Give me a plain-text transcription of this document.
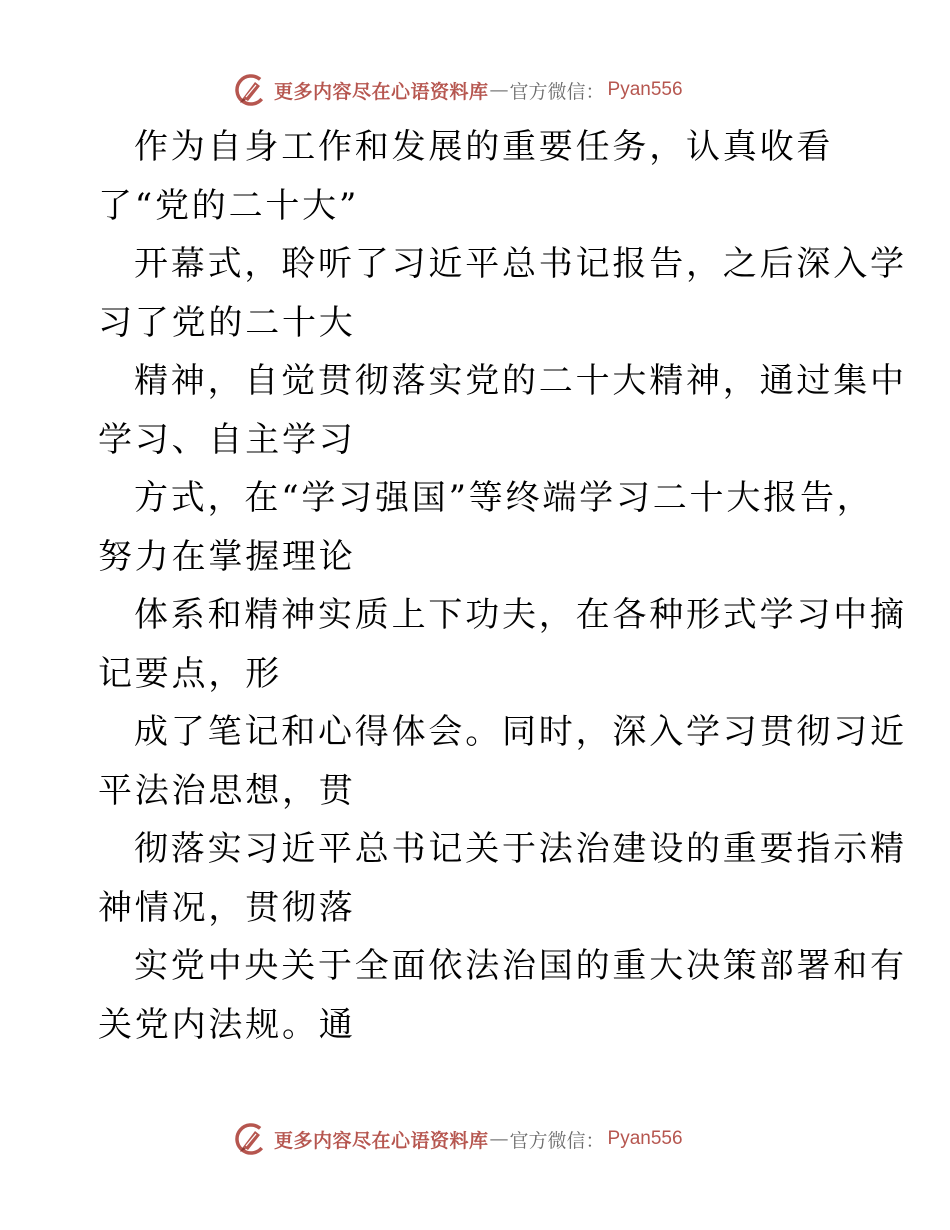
更多内容尽在心语资料库 — 官方微信： Pyan556
作为自身工作和发展的重要任务，认真收看
了“党的二十大”
开幕式，聆听了习近平总书记报告，之后深入学
习了党的二十大
精神，自觉贯彻落实党的二十大精神，通过集中
学习、自主学习
方式，在“学习强国”等终端学习二十大报告，
努力在掌握理论
体系和精神实质上下功夫，在各种形式学习中摘
记要点，形
成了笔记和心得体会。同时，深入学习贯彻习近
平法治思想，贯
彻落实习近平总书记关于法治建设的重要指示精
神情况，贯彻落
实党中央关于全面依法治国的重大决策部署和有
关党内法规。通
更多内容尽在心语资料库 — 官方微信： Pyan556
